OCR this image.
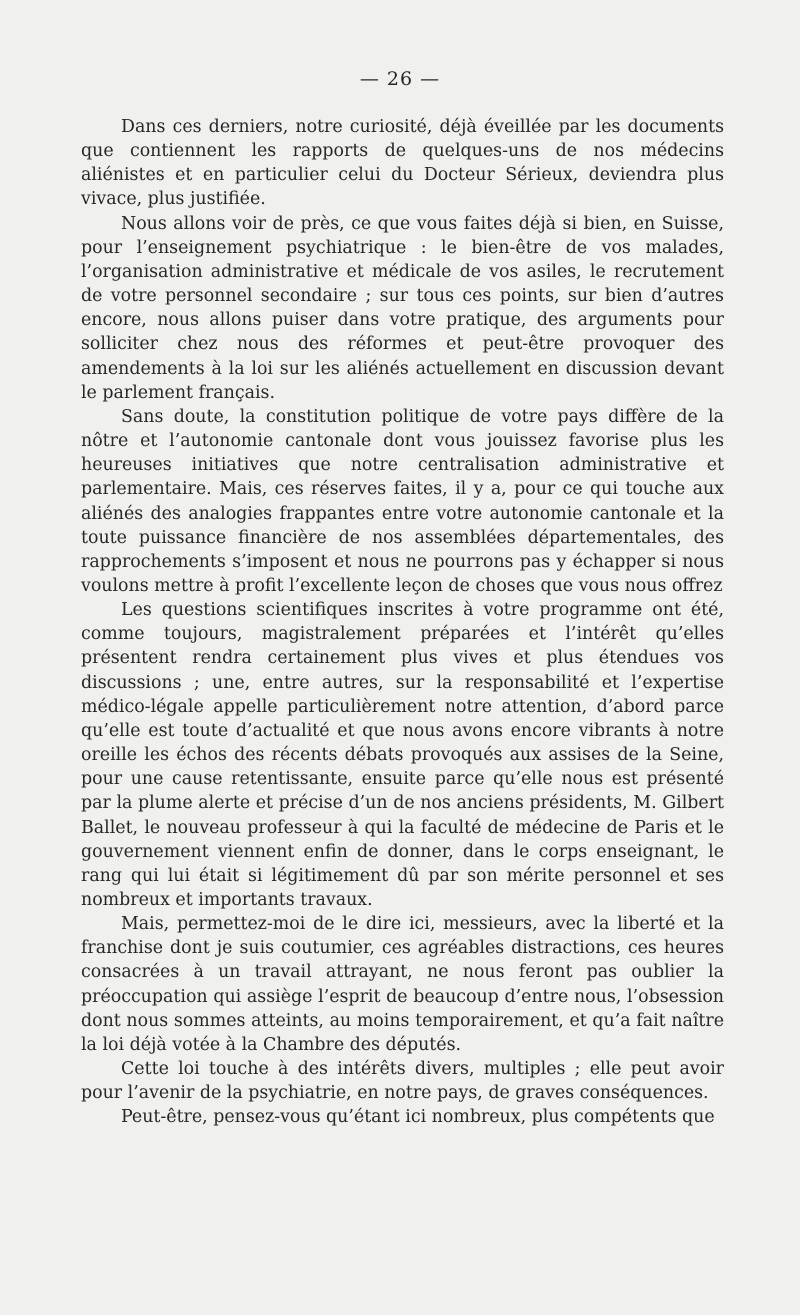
— 26 —

Dans ces derniers, notre curiosité, déjà éveillée par les documents que contiennent les rapports de quelques-uns de nos médecins aliénistes et en particulier celui du Docteur Sérieux, deviendra plus vivace, plus justifiée.

Nous allons voir de près, ce que vous faites déjà si bien, en Suisse, pour l’enseignement psychiatrique : le bien-être de vos malades, l’organisation administrative et médicale de vos asiles, le recrutement de votre personnel secondaire ; sur tous ces points, sur bien d’autres encore, nous allons puiser dans votre pratique, des arguments pour solliciter chez nous des réformes et peut-être provoquer des amendements à la loi sur les aliénés actuellement en discussion devant le parlement français.

Sans doute, la constitution politique de votre pays diffère de la nôtre et l’autonomie cantonale dont vous jouissez favorise plus les heureuses initiatives que notre centralisation administrative et parlementaire. Mais, ces réserves faites, il y a, pour ce qui touche aux aliénés des analogies frappantes entre votre autonomie cantonale et la toute puissance financière de nos assemblées départementales, des rapprochements s’imposent et nous ne pourrons pas y échapper si nous voulons mettre à profit l’excellente leçon de choses que vous nous offrez

Les questions scientifiques inscrites à votre programme ont été, comme toujours, magistralement préparées et l’intérêt qu’elles présentent rendra certainement plus vives et plus étendues vos discussions ; une, entre autres, sur la responsabilité et l’expertise médico-légale appelle particulièrement notre attention, d’abord parce qu’elle est toute d’actualité et que nous avons encore vibrants à notre oreille les échos des récents débats provoqués aux assises de la Seine, pour une cause retentissante, ensuite parce qu’elle nous est présenté par la plume alerte et précise d’un de nos anciens présidents, M. Gilbert Ballet, le nouveau professeur à qui la faculté de médecine de Paris et le gouvernement viennent enfin de donner, dans le corps enseignant, le rang qui lui était si légitimement dû par son mérite personnel et ses nombreux et importants travaux.

Mais, permettez-moi de le dire ici, messieurs, avec la liberté et la franchise dont je suis coutumier, ces agréables distractions, ces heures consacrées à un travail attrayant, ne nous feront pas oublier la préoccupation qui assiège l’esprit de beaucoup d’entre nous, l’obsession dont nous sommes atteints, au moins temporairement, et qu’a fait naître la loi déjà votée à la Chambre des députés.

Cette loi touche à des intérêts divers, multiples ; elle peut avoir pour l’avenir de la psychiatrie, en notre pays, de graves conséquences.

Peut-être, pensez-vous qu’étant ici nombreux, plus compétents que
